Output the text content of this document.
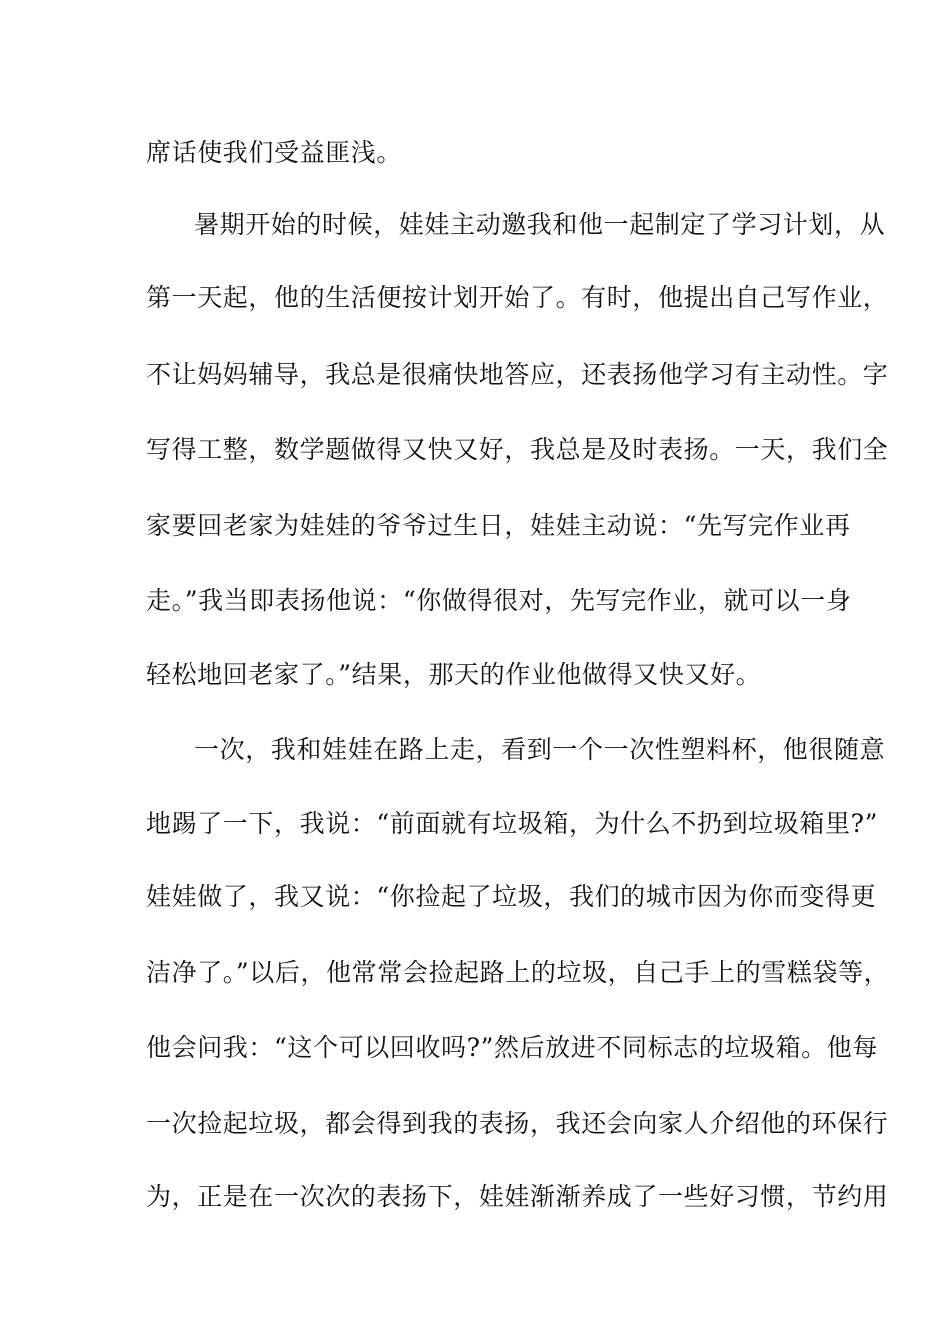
席话使我们受益匪浅。
暑期开始的时候，娃娃主动邀我和他一起制定了学习计划，从
第一天起，他的生活便按计划开始了。有时，他提出自己写作业，
不让妈妈辅导，我总是很痛快地答应，还表扬他学习有主动性。字
写得工整，数学题做得又快又好，我总是及时表扬。一天，我们全
家要回老家为娃娃的爷爷过生日，娃娃主动说：“先写完作业再
走。”我当即表扬他说：“你做得很对，先写完作业，就可以一身
轻松地回老家了。”结果，那天的作业他做得又快又好。
一次，我和娃娃在路上走，看到一个一次性塑料杯，他很随意
地踢了一下，我说：“前面就有垃圾箱，为什么不扔到垃圾箱里?”
娃娃做了，我又说：“你捡起了垃圾，我们的城市因为你而变得更
洁净了。”以后，他常常会捡起路上的垃圾，自己手上的雪糕袋等，
他会问我：“这个可以回收吗?”然后放进不同标志的垃圾箱。他每
一次捡起垃圾，都会得到我的表扬，我还会向家人介绍他的环保行
为，正是在一次次的表扬下，娃娃渐渐养成了一些好习惯，节约用
